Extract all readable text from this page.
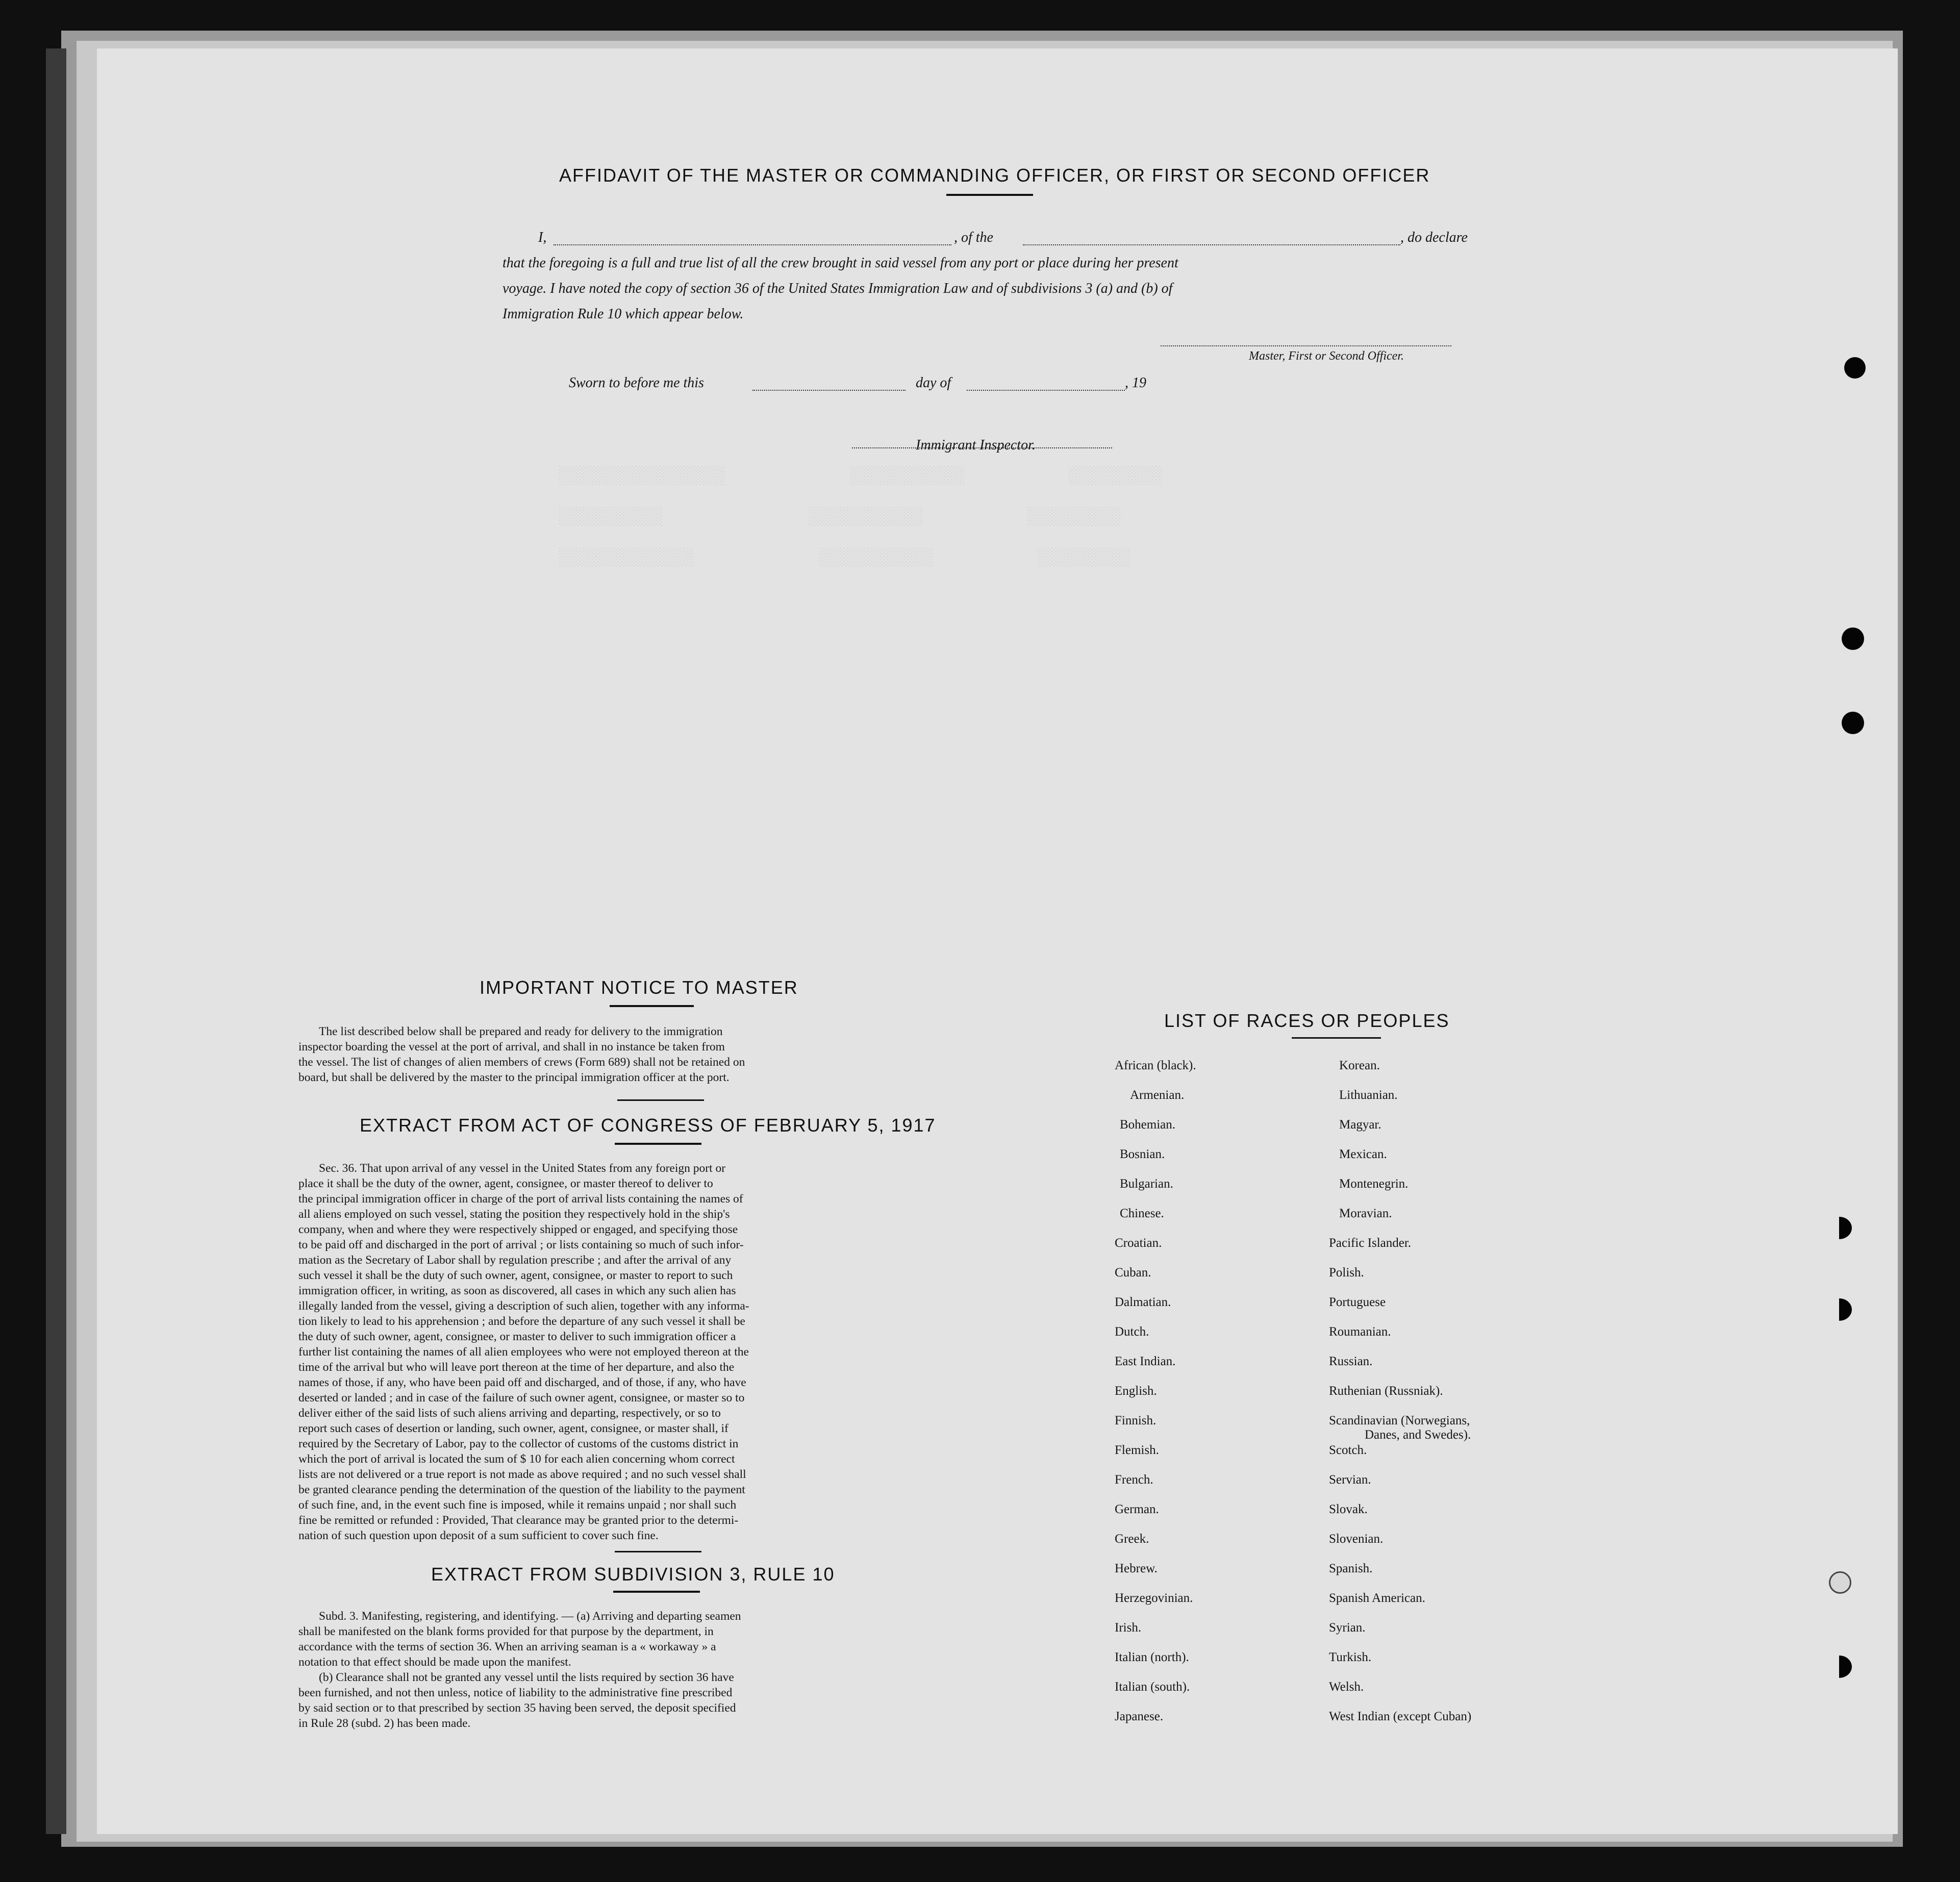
░░░░░░░░░░░░░░░░            ░░░░░░░░░░░          ░░░░░░░░░
░░░░░░░░░░              ░░░░░░░░░░░          ░░░░░░░░░
░░░░░░░░░░░░░            ░░░░░░░░░░░          ░░░░░░░░░
AFFIDAVIT OF THE MASTER OR COMMANDING OFFICER, OR FIRST OR SECOND OFFICER
I,	, of the	, do declare
that the foregoing is a full and true list of all the crew brought in said vessel from any port or place during her present
voyage. I have noted the copy of section 36 of the United States Immigration Law and of subdivisions 3 (a) and (b) of
Immigration Rule 10 which appear below.
Master, First or Second Officer.
Sworn to before me this	day of	, 19
Immigrant Inspector.
IMPORTANT NOTICE TO MASTER
The list described below shall be prepared and ready for delivery to the immigration
inspector boarding the vessel at the port of arrival, and shall in no instance be taken from
the vessel. The list of changes of alien members of crews (Form 689) shall not be retained on
board, but shall be delivered by the master to the principal immigration officer at the port.
EXTRACT FROM ACT OF CONGRESS OF FEBRUARY 5, 1917
Sec. 36. That upon arrival of any vessel in the United States from any foreign port or
place it shall be the duty of the owner, agent, consignee, or master thereof to deliver to
the principal immigration officer in charge of the port of arrival lists containing the names of
all aliens employed on such vessel, stating the position they respectively hold in the ship's
company, when and where they were respectively shipped or engaged, and specifying those
to be paid off and discharged in the port of arrival ; or lists containing so much of such infor-
mation as the Secretary of Labor shall by regulation prescribe ; and after the arrival of any
such vessel it shall be the duty of such owner, agent, consignee, or master to report to such
immigration officer, in writing, as soon as discovered, all cases in which any such alien has
illegally landed from the vessel, giving a description of such alien, together with any informa-
tion likely to lead to his apprehension ; and before the departure of any such vessel it shall be
the duty of such owner, agent, consignee, or master to deliver to such immigration officer a
further list containing the names of all alien employees who were not employed thereon at the
time of the arrival but who will leave port thereon at the time of her departure, and also the
names of those, if any, who have been paid off and discharged, and of those, if any, who have
deserted or landed ; and in case of the failure of such owner agent, consignee, or master so to
deliver either of the said lists of such aliens arriving and departing, respectively, or so to
report such cases of desertion or landing, such owner, agent, consignee, or master shall, if
required by the Secretary of Labor, pay to the collector of customs of the customs district in
which the port of arrival is located the sum of $ 10 for each alien concerning whom correct
lists are not delivered or a true report is not made as above required ; and no such vessel shall
be granted clearance pending the determination of the question of the liability to the payment
of such fine, and, in the event such fine is imposed, while it remains unpaid ; nor shall such
fine be remitted or refunded : Provided, That clearance may be granted prior to the determi-
nation of such question upon deposit of a sum sufficient to cover such fine.
EXTRACT FROM SUBDIVISION 3, RULE 10
Subd. 3. Manifesting, registering, and identifying. — (a) Arriving and departing seamen
shall be manifested on the blank forms provided for that purpose by the department, in
accordance with the terms of section 36. When an arriving seaman is a « workaway » a
notation to that effect should be made upon the manifest.
(b) Clearance shall not be granted any vessel until the lists required by section 36 have
been furnished, and not then unless, notice of liability to the administrative fine prescribed
by said section or to that prescribed by section 35 having been served, the deposit specified
in Rule 28 (subd. 2) has been made.
LIST OF RACES OR PEOPLES
African (black).
Armenian.
Bohemian.
Bosnian.
Bulgarian.
Chinese.
Croatian.
Cuban.
Dalmatian.
Dutch.
East Indian.
English.
Finnish.
Flemish.
French.
German.
Greek.
Hebrew.
Herzegovinian.
Irish.
Italian (north).
Italian (south).
Japanese.
Korean.
Lithuanian.
Magyar.
Mexican.
Montenegrin.
Moravian.
Pacific Islander.
Polish.
Portuguese
Roumanian.
Russian.
Ruthenian (Russniak).
Scandinavian (Norwegians,
Danes, and Swedes).
Scotch.
Servian.
Slovak.
Slovenian.
Spanish.
Spanish American.
Syrian.
Turkish.
Welsh.
West Indian (except Cuban)
